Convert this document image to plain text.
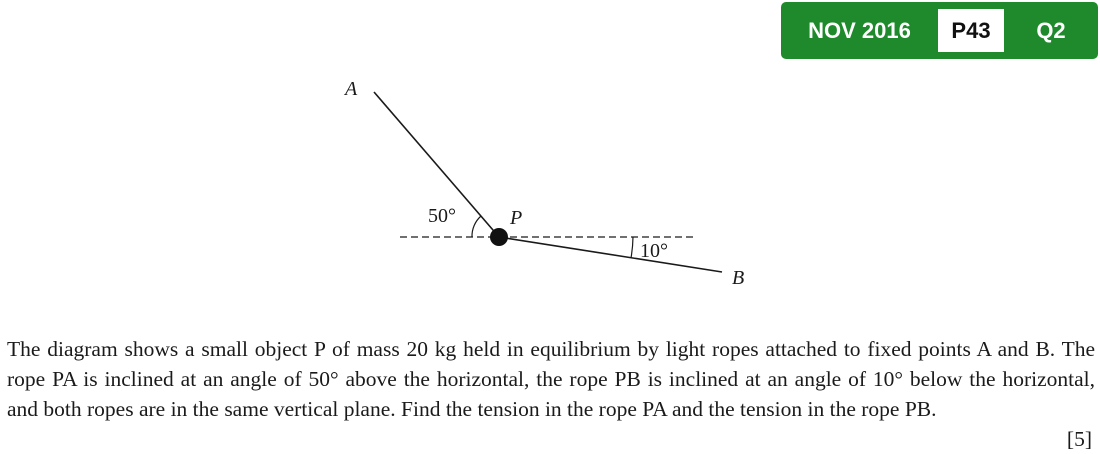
NOV 2016	P43	Q2
A
50°	P
10°
B

The diagram shows a small object P of mass 20 kg held in equilibrium by light ropes attached to fixed points A and B. The rope PA is inclined at an angle of 50° above the horizontal, the rope PB is inclined at an angle of 10° below the horizontal, and both ropes are in the same vertical plane. Find the tension in the rope PA and the tension in the rope PB.

[5]
